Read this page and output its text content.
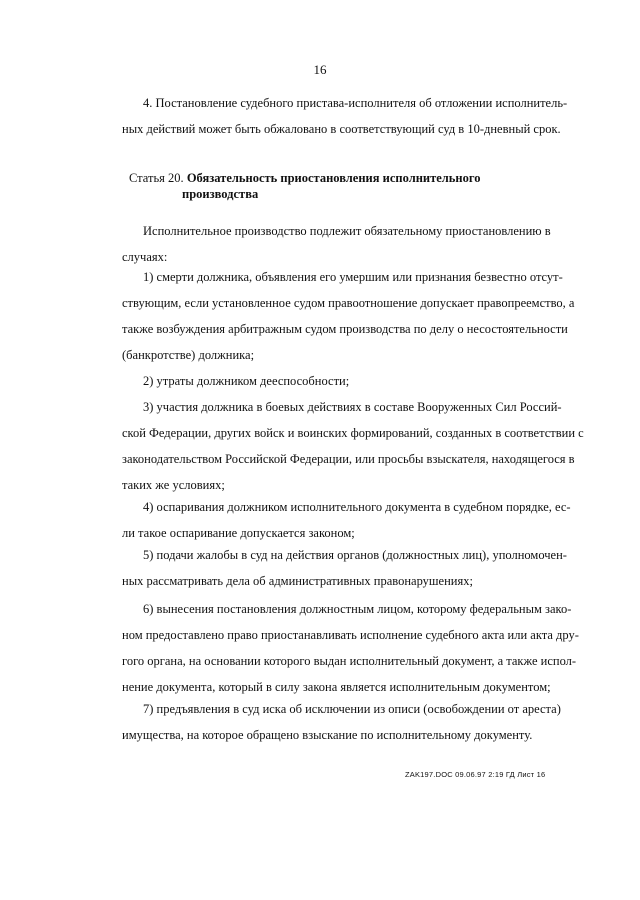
16

4. Постановление судебного пристава-исполнителя об отложении исполнитель-
ных действий может быть обжаловано в соответствующий суд в 10-дневный срок.

Статья 20. Обязательность приостановления исполнительного
производства

Исполнительное производство подлежит обязательному приостановлению в
случаях:

1) смерти должника, объявления его умершим или признания безвестно отсут-
ствующим, если установленное судом правоотношение допускает правопреемство, а
также возбуждения арбитражным судом производства по делу о несостоятельности
(банкротстве) должника;

2) утраты должником дееспособности;

3) участия должника в боевых действиях в составе Вооруженных Сил Россий-
ской Федерации, других войск и воинских формирований, созданных в соответствии с
законодательством Российской Федерации, или просьбы взыскателя, находящегося в
таких же условиях;

4) оспаривания должником исполнительного документа в судебном порядке, ес-
ли такое оспаривание допускается законом;

5) подачи жалобы в суд на действия органов (должностных лиц), уполномочен-
ных рассматривать дела об административных правонарушениях;

6) вынесения постановления должностным лицом, которому федеральным зако-
ном предоставлено право приостанавливать исполнение судебного акта или акта дру-
гого органа, на основании которого выдан исполнительный документ, а также испол-
нение документа, который в силу закона является исполнительным документом;

7) предъявления в суд иска об исключении из описи (освобождении от ареста)
имущества, на которое обращено взыскание по исполнительному документу.

ZAK197.DOC 09.06.97 2:19 ГД Лист 16
